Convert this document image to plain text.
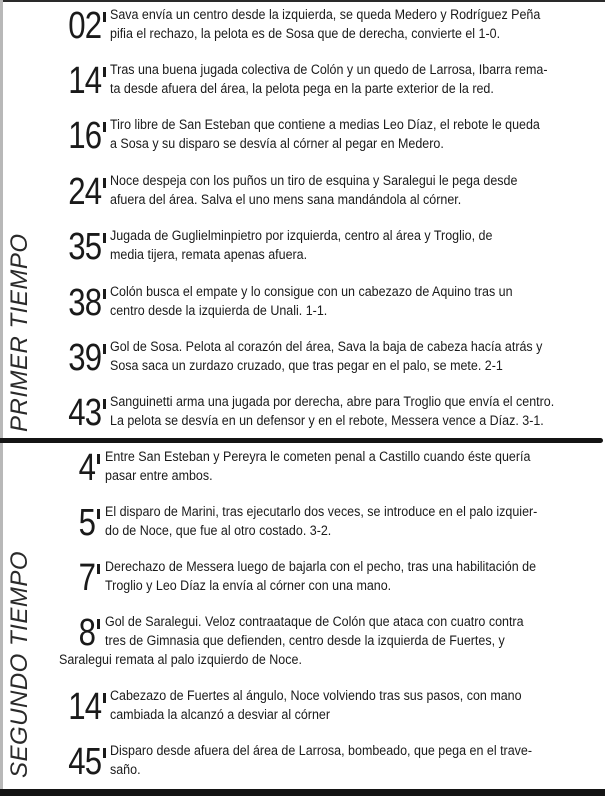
PRIMER TIEMPO
SEGUNDO TIEMPO
02 Sava envía un centro desde la izquierda, se queda Medero y Rodríguez Peña
pifia el rechazo, la pelota es de Sosa que de derecha, convierte el 1-0.
14 Tras una buena jugada colectiva de Colón y un quedo de Larrosa, Ibarra rema-
ta desde afuera del área, la pelota pega en la parte exterior de la red.
16 Tiro libre de San Esteban que contiene a medias Leo Díaz, el rebote le queda
a Sosa y su disparo se desvía al córner al pegar en Medero.
24 Noce despeja con los puños un tiro de esquina y Saralegui le pega desde
afuera del área. Salva el uno mens sana mandándola al córner.
35 Jugada de Guglielminpietro por izquierda, centro al área y Troglio, de
media tijera, remata apenas afuera.
38 Colón busca el empate y lo consigue con un cabezazo de Aquino tras un
centro desde la izquierda de Unali. 1-1.
39 Gol de Sosa. Pelota al corazón del área, Sava la baja de cabeza hacía atrás y
Sosa saca un zurdazo cruzado, que tras pegar en el palo, se mete. 2-1
43 Sanguinetti arma una jugada por derecha, abre para Troglio que envía el centro.
La pelota se desvía en un defensor y en el rebote, Messera vence a Díaz. 3-1.
4 Entre San Esteban y Pereyra le cometen penal a Castillo cuando éste quería
pasar entre ambos.
5 El disparo de Marini, tras ejecutarlo dos veces, se introduce en el palo izquier-
do de Noce, que fue al otro costado. 3-2.
7 Derechazo de Messera luego de bajarla con el pecho, tras una habilitación de
Troglio y Leo Díaz la envía al córner con una mano.
8 Gol de Saralegui. Veloz contraataque de Colón que ataca con cuatro contra
tres de Gimnasia que defienden, centro desde la izquierda de Fuertes, y
Saralegui remata al palo izquierdo de Noce.
14 Cabezazo de Fuertes al ángulo, Noce volviendo tras sus pasos, con mano
cambiada la alcanzó a desviar al córner
45 Disparo desde afuera del área de Larrosa, bombeado, que pega en el trave-
saño.
